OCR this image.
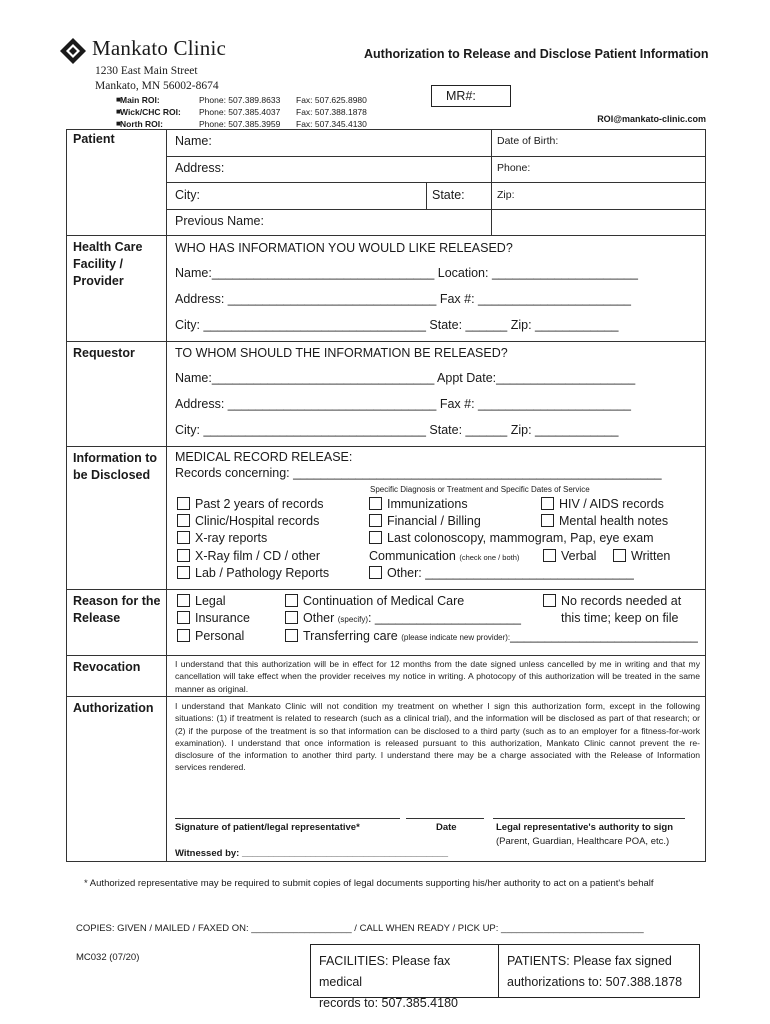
Mankato Clinic
1230 East Main Street
Mankato, MN 56002-8674
■ Main ROI:	Phone: 507.389.8633 Fax: 507.625.8980
■ Wick/CHC ROI: Phone: 507.385.4037 Fax: 507.388.1878
■ North ROI:	Phone: 507.385.3959 Fax: 507.345.4130
Authorization to Release and Disclose Patient Information
MR#:
ROI@mankato-clinic.com
Patient	Name:	Date of Birth:
Address:	Phone:
City:	State:	Zip:
Previous Name:
Health Care Facility / Provider
WHO HAS INFORMATION YOU WOULD LIKE RELEASED?
Name:________________________________ Location: _____________________
Address: ______________________________ Fax #: ______________________
City: ________________________________ State: ______ Zip: ____________
Requestor	TO WHOM SHOULD THE INFORMATION BE RELEASED?
Name:________________________________ Appt Date:____________________
Address: ______________________________ Fax #: ______________________
City: ________________________________ State: ______ Zip: ____________
Information to be Disclosed
MEDICAL RECORD RELEASE:
Records concerning: _____________________________________________________
Specific Diagnosis or Treatment and Specific Dates of Service
Past 2 years of records
Clinic/Hospital records
X-ray reports
X-Ray film / CD / other
Lab / Pathology Reports
Immunizations
Financial / Billing
Last colonoscopy, mammogram, Pap, eye exam
Communication (check one / both)	Verbal	Written
Other: ______________________________
HIV / AIDS records
Mental health notes
Reason for the Release
Legal
Insurance
Personal
Continuation of Medical Care
Other (specify): _____________________
Transferring care (please indicate new provider):___________________________
No records needed at
this time; keep on file
Revocation	I understand that this authorization will be in effect for 12 months from the date signed unless cancelled by me in writing and that my cancellation will take effect when the provider receives my notice in writing. A photocopy of this authorization will be treated in the same manner as original.
Authorization I understand that Mankato Clinic will not condition my treatment on whether I sign this authorization form, except in the following situations: (1) if treatment is related to research (such as a clinical trial), and the information will be disclosed as part of that research; or (2) if the purpose of the treatment is so that information can be disclosed to a third party (such as to an employer for a fitness-for-work examination). I understand that once information is released pursuant to this authorization, Mankato Clinic cannot prevent the re-disclosure of the information to another third party. I understand there may be a charge associated with the Release of Information services rendered.
Signature of patient/legal representative*	Date	Legal representative's authority to sign
(Parent, Guardian, Healthcare POA, etc.)
Witnessed by: _______________________________________
* Authorized representative may be required to submit copies of legal documents supporting his/her authority to act on a patient's behalf
COPIES: GIVEN / MAILED / FAXED ON: ___________________ / CALL WHEN READY / PICK UP: ___________________________
MC032 (07/20)	FACILITIES: Please fax medical
records to: 507.385.4180
PATIENTS: Please fax signed
authorizations to: 507.388.1878
